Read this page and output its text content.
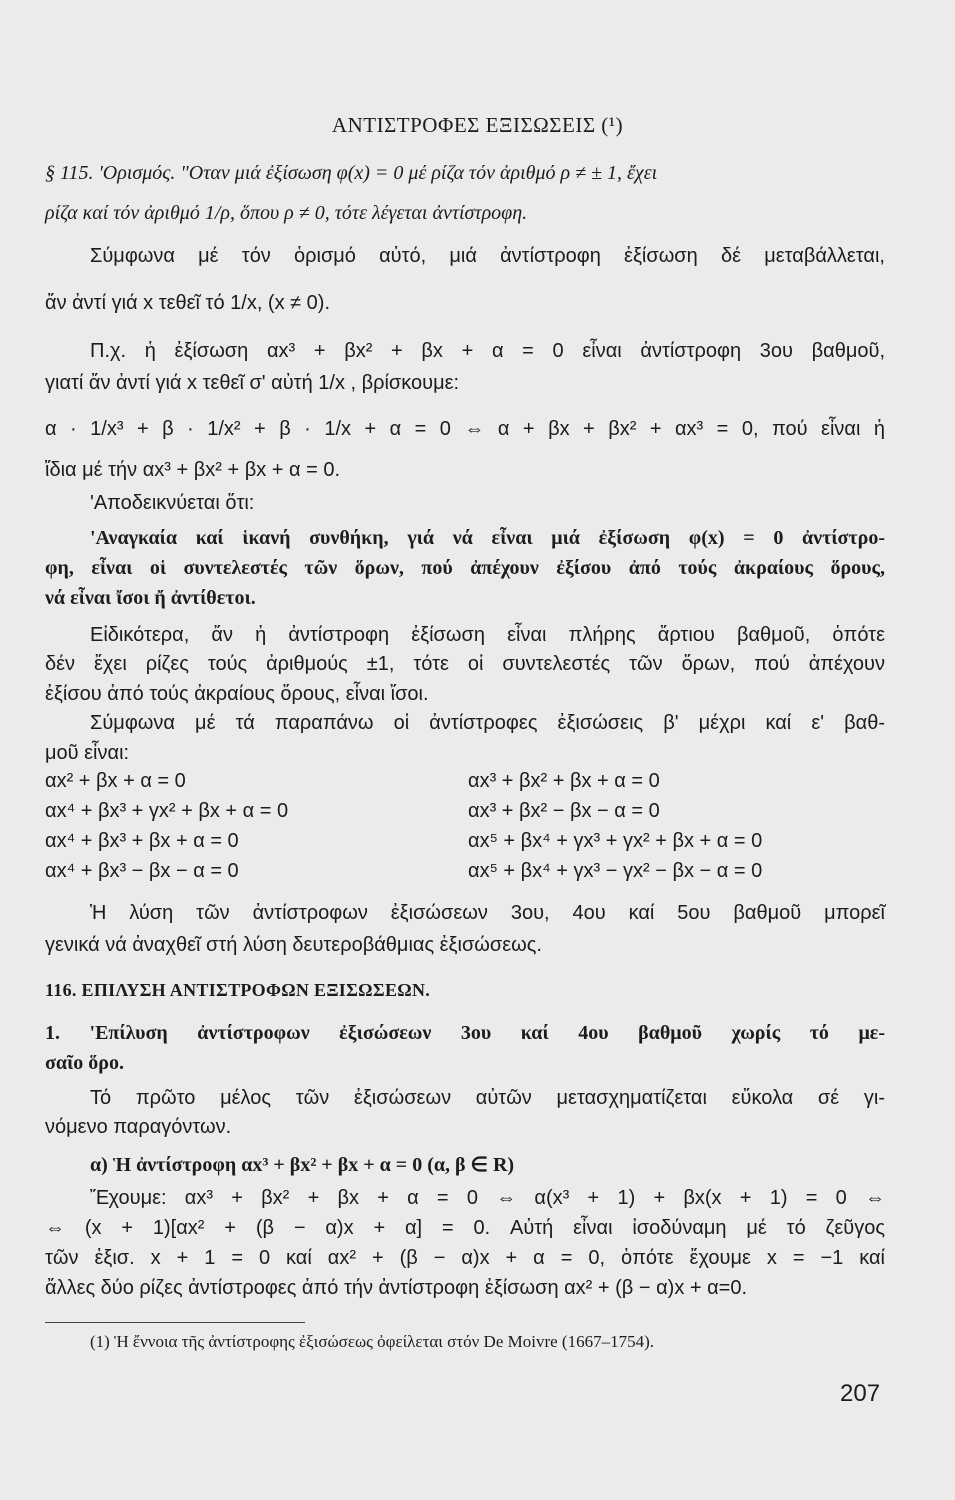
ΑΝΤΙΣΤΡΟΦΕΣ ΕΞΙΣΩΣΕΙΣ (¹)
§ 115. 'Ορισμός. "Οταν μιά ἐξίσωση φ(x) = 0 μέ ρίζα τόν ἀριθμό ρ ≠ ± 1, ἔχει
ρίζα καί τόν ἀριθμό 1/ρ, ὅπου ρ ≠ 0, τότε λέγεται ἀντίστροφη.
Σύμφωνα μέ τόν ὁρισμό αὐτό, μιά ἀντίστροφη ἐξίσωση δέ μεταβάλλεται,
ἄν ἀντί γιά x τεθεῖ τό 1/x, (x ≠ 0).
Π.χ. ἡ ἐξίσωση αx³ + βx² + βx + α = 0 εἶναι ἀντίστροφη 3ου βαθμοῦ,
γιατί ἄν ἀντί γιά x τεθεῖ σ' αὐτή 1/x , βρίσκουμε:
α · 1/x³ + β · 1/x² + β · 1/x + α = 0 ⇔ α + βx + βx² + αx³ = 0, πού εἶναι ἡ
ἴδια μέ τήν αx³ + βx² + βx + α = 0.
'Αποδεικνύεται ὅτι:
'Αναγκαία καί ἱκανή συνθήκη, γιά νά εἶναι μιά ἐξίσωση φ(x) = 0 ἀντίστρο-
φη, εἶναι οἱ συντελεστές τῶν ὅρων, πού ἀπέχουν ἐξίσου ἀπό τούς ἀκραίους ὅρους,
νά εἶναι ἴσοι ἤ ἀντίθετοι.
Εἰδικότερα, ἄν ἡ ἀντίστροφη ἐξίσωση εἶναι πλήρης ἄρτιου βαθμοῦ, ὁπότε
δέν ἔχει ρίζες τούς ἀριθμούς ±1, τότε οἱ συντελεστές τῶν ὅρων, πού ἀπέχουν
ἐξίσου ἀπό τούς ἀκραίους ὅρους, εἶναι ἴσοι.
Σύμφωνα μέ τά παραπάνω οἱ ἀντίστροφες ἐξισώσεις β' μέχρι καί ε' βαθ-
μοῦ εἶναι:
αx² + βx + α = 0
αx⁴ + βx³ + γx² + βx + α = 0
αx⁴ + βx³ + βx + α = 0
αx⁴ + βx³ − βx − α = 0
αx³ + βx² + βx + α = 0
αx³ + βx² − βx − α = 0
αx⁵ + βx⁴ + γx³ + γx² + βx + α = 0
αx⁵ + βx⁴ + γx³ − γx² − βx − α = 0
Ἡ λύση τῶν ἀντίστροφων ἐξισώσεων 3ου, 4ου καί 5ου βαθμοῦ μπορεῖ
γενικά νά ἀναχθεῖ στή λύση δευτεροβάθμιας ἐξισώσεως.
116. ΕΠΙΛΥΣΗ ΑΝΤΙΣΤΡΟΦΩΝ ΕΞΙΣΩΣΕΩΝ.
1. 'Επίλυση ἀντίστροφων ἐξισώσεων 3ου καί 4ου βαθμοῦ χωρίς τό με-
σαῖο ὅρο.
Τό πρῶτο μέλος τῶν ἐξισώσεων αὐτῶν μετασχηματίζεται εὔκολα σέ γι-
νόμενο παραγόντων.
α) Ἡ ἀντίστροφη αx³ + βx² + βx + α = 0 (α, β ∈ R)
Ἔχουμε: αx³ + βx² + βx + α = 0 ⇔ α(x³ + 1) + βx(x + 1) = 0 ⇔
⇔ (x + 1)[αx² + (β − α)x + α] = 0. Αὐτή εἶναι ἰσοδύναμη μέ τό ζεῦγος
τῶν ἐξισ. x + 1 = 0 καί αx² + (β − α)x + α = 0, ὁπότε ἔχουμε x = −1 καί
ἄλλες δύο ρίζες ἀντίστροφες ἀπό τήν ἀντίστροφη ἐξίσωση αx² + (β − α)x + α=0.
(1) Ἡ ἔννοια τῆς ἀντίστροφης ἐξισώσεως ὀφείλεται στόν De Moivre (1667–1754).
207
